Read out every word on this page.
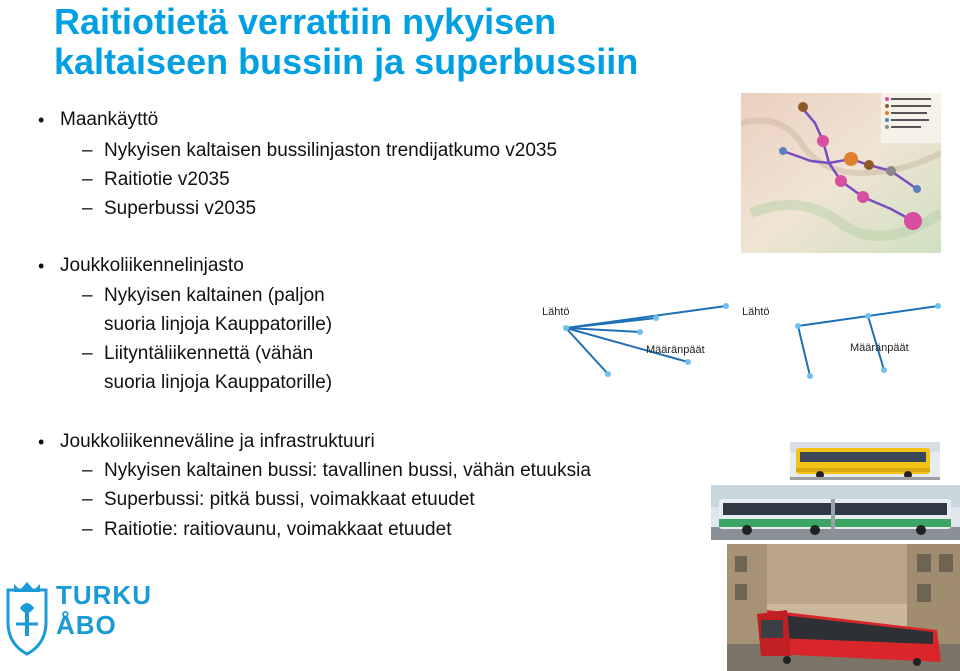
Raitiotietä verrattiin nykyisen
kaltaiseen bussiin ja superbussiin
• Maankäyttö
– Nykyisen kaltaisen bussilinjaston trendijatkumo v2035
– Raitiotie v2035
– Superbussi v2035
• Joukkoliikennelinjasto
– Nykyisen kaltainen (paljon
suoria linjoja Kauppatorille)
– Liityntäliikennettä (vähän
suoria linjoja Kauppatorille)
• Joukkoliikenneväline ja infrastruktuuri
– Nykyisen kaltainen bussi: tavallinen bussi, vähän etuuksia
– Superbussi: pitkä bussi, voimakkaat etuudet
– Raitiotie: raitiovaunu, voimakkaat etuudet
Lähtö
Määränpäät
Lähtö
Määränpäät
TURKU
ÅBO
